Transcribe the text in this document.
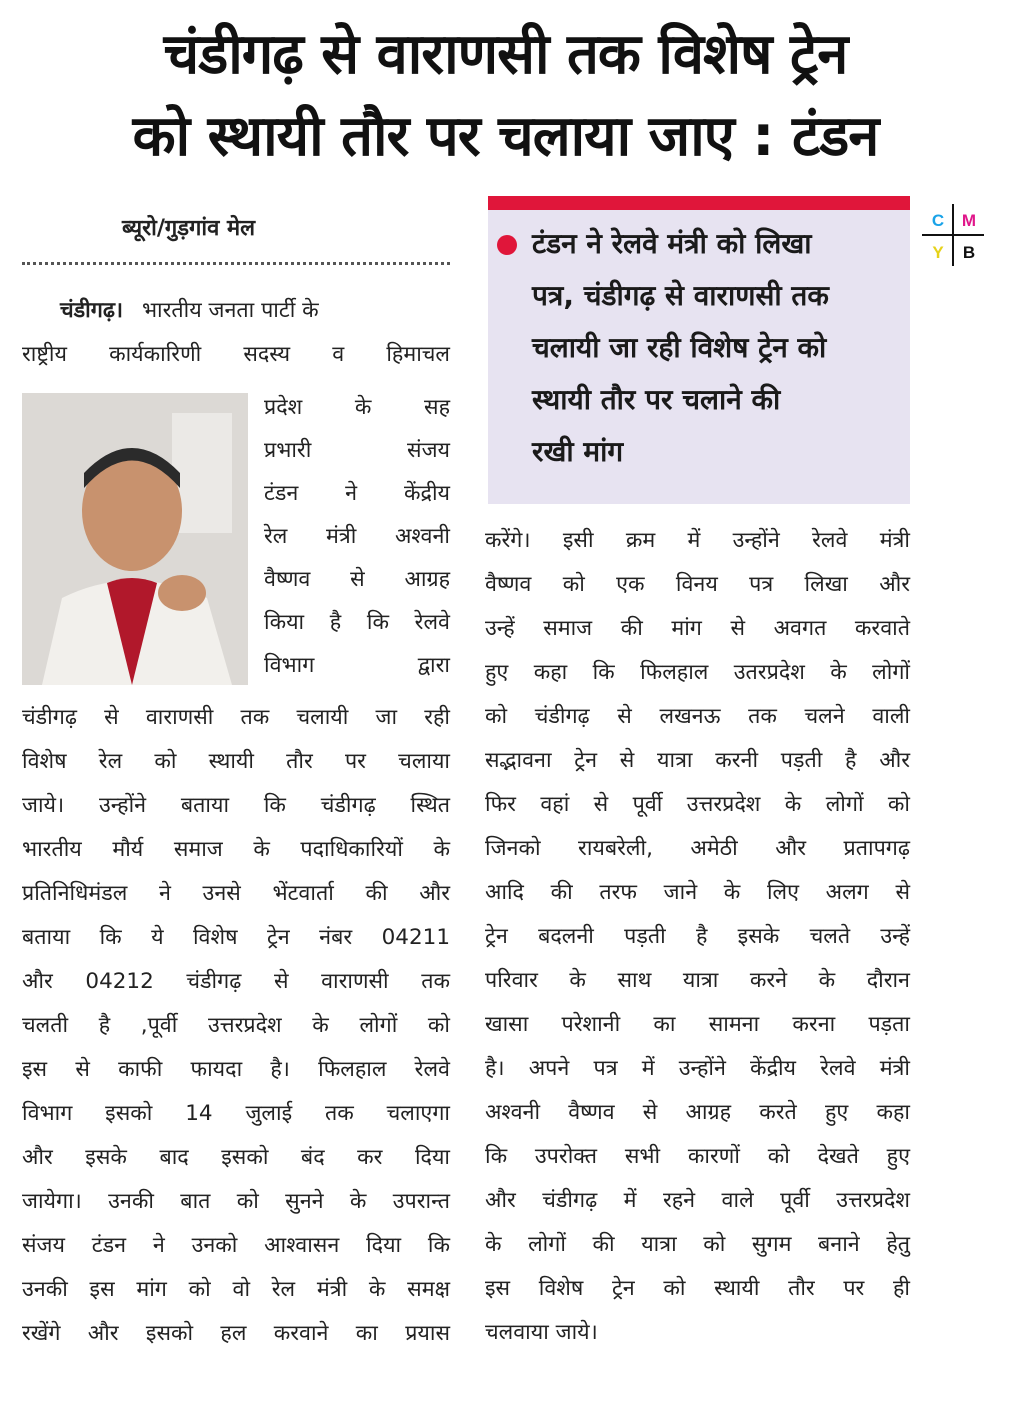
चंडीगढ़ से वाराणसी तक विशेष ट्रेन
को स्थायी तौर पर चलाया जाए : टंडन
ब्यूरो/गुड़गांव मेल	टंडन ने रेलवे मंत्री को लिखा
पत्र, चंडीगढ़ से वाराणसी तक
चलायी जा रही विशेष ट्रेन को
स्थायी तौर पर चलाने की
रखी मांग
C M
Y B
चंडीगढ़। भारतीय जनता पार्टी के
राष्ट्रीय कार्यकारिणी सदस्य व हिमाचल
प्रदेश के सह
प्रभारी संजय
टंडन ने केंद्रीय
रेल मंत्री अश्वनी
वैष्णव से आग्रह
किया है कि रेलवे
विभाग द्वारा
चंडीगढ़ से वाराणसी तक चलायी जा रही
विशेष रेल को स्थायी तौर पर चलाया
जाये। उन्होंने बताया कि चंडीगढ़ स्थित
भारतीय मौर्य समाज के पदाधिकारियों के
प्रतिनिधिमंडल ने उनसे भेंटवार्ता की और
बताया कि ये विशेष ट्रेन नंबर 04211
और 04212 चंडीगढ़ से वाराणसी तक
चलती है ,पूर्वी उत्तरप्रदेश के लोगों को
इस से काफी फायदा है। फिलहाल रेलवे
विभाग इसको 14 जुलाई तक चलाएगा
और इसके बाद इसको बंद कर दिया
जायेगा। उनकी बात को सुनने के उपरान्त
संजय टंडन ने उनको आश्वासन दिया कि
उनकी इस मांग को वो रेल मंत्री के समक्ष
रखेंगे और इसको हल करवाने का प्रयास
करेंगे। इसी क्रम में उन्होंने रेलवे मंत्री
वैष्णव को एक विनय पत्र लिखा और
उन्हें समाज की मांग से अवगत करवाते
हुए कहा कि फिलहाल उतरप्रदेश के लोगों
को चंडीगढ़ से लखनऊ तक चलने वाली
सद्भावना ट्रेन से यात्रा करनी पड़ती है और
फिर वहां से पूर्वी उत्तरप्रदेश के लोगों को
जिनको रायबरेली, अमेठी और प्रतापगढ़
आदि की तरफ जाने के लिए अलग से
ट्रेन बदलनी पड़ती है इसके चलते उन्हें
परिवार के साथ यात्रा करने के दौरान
खासा परेशानी का सामना करना पड़ता
है। अपने पत्र में उन्होंने केंद्रीय रेलवे मंत्री
अश्वनी वैष्णव से आग्रह करते हुए कहा
कि उपरोक्त सभी कारणों को देखते हुए
और चंडीगढ़ में रहने वाले पूर्वी उत्तरप्रदेश
के लोगों की यात्रा को सुगम बनाने हेतु
इस विशेष ट्रेन को स्थायी तौर पर ही
चलवाया जाये।
